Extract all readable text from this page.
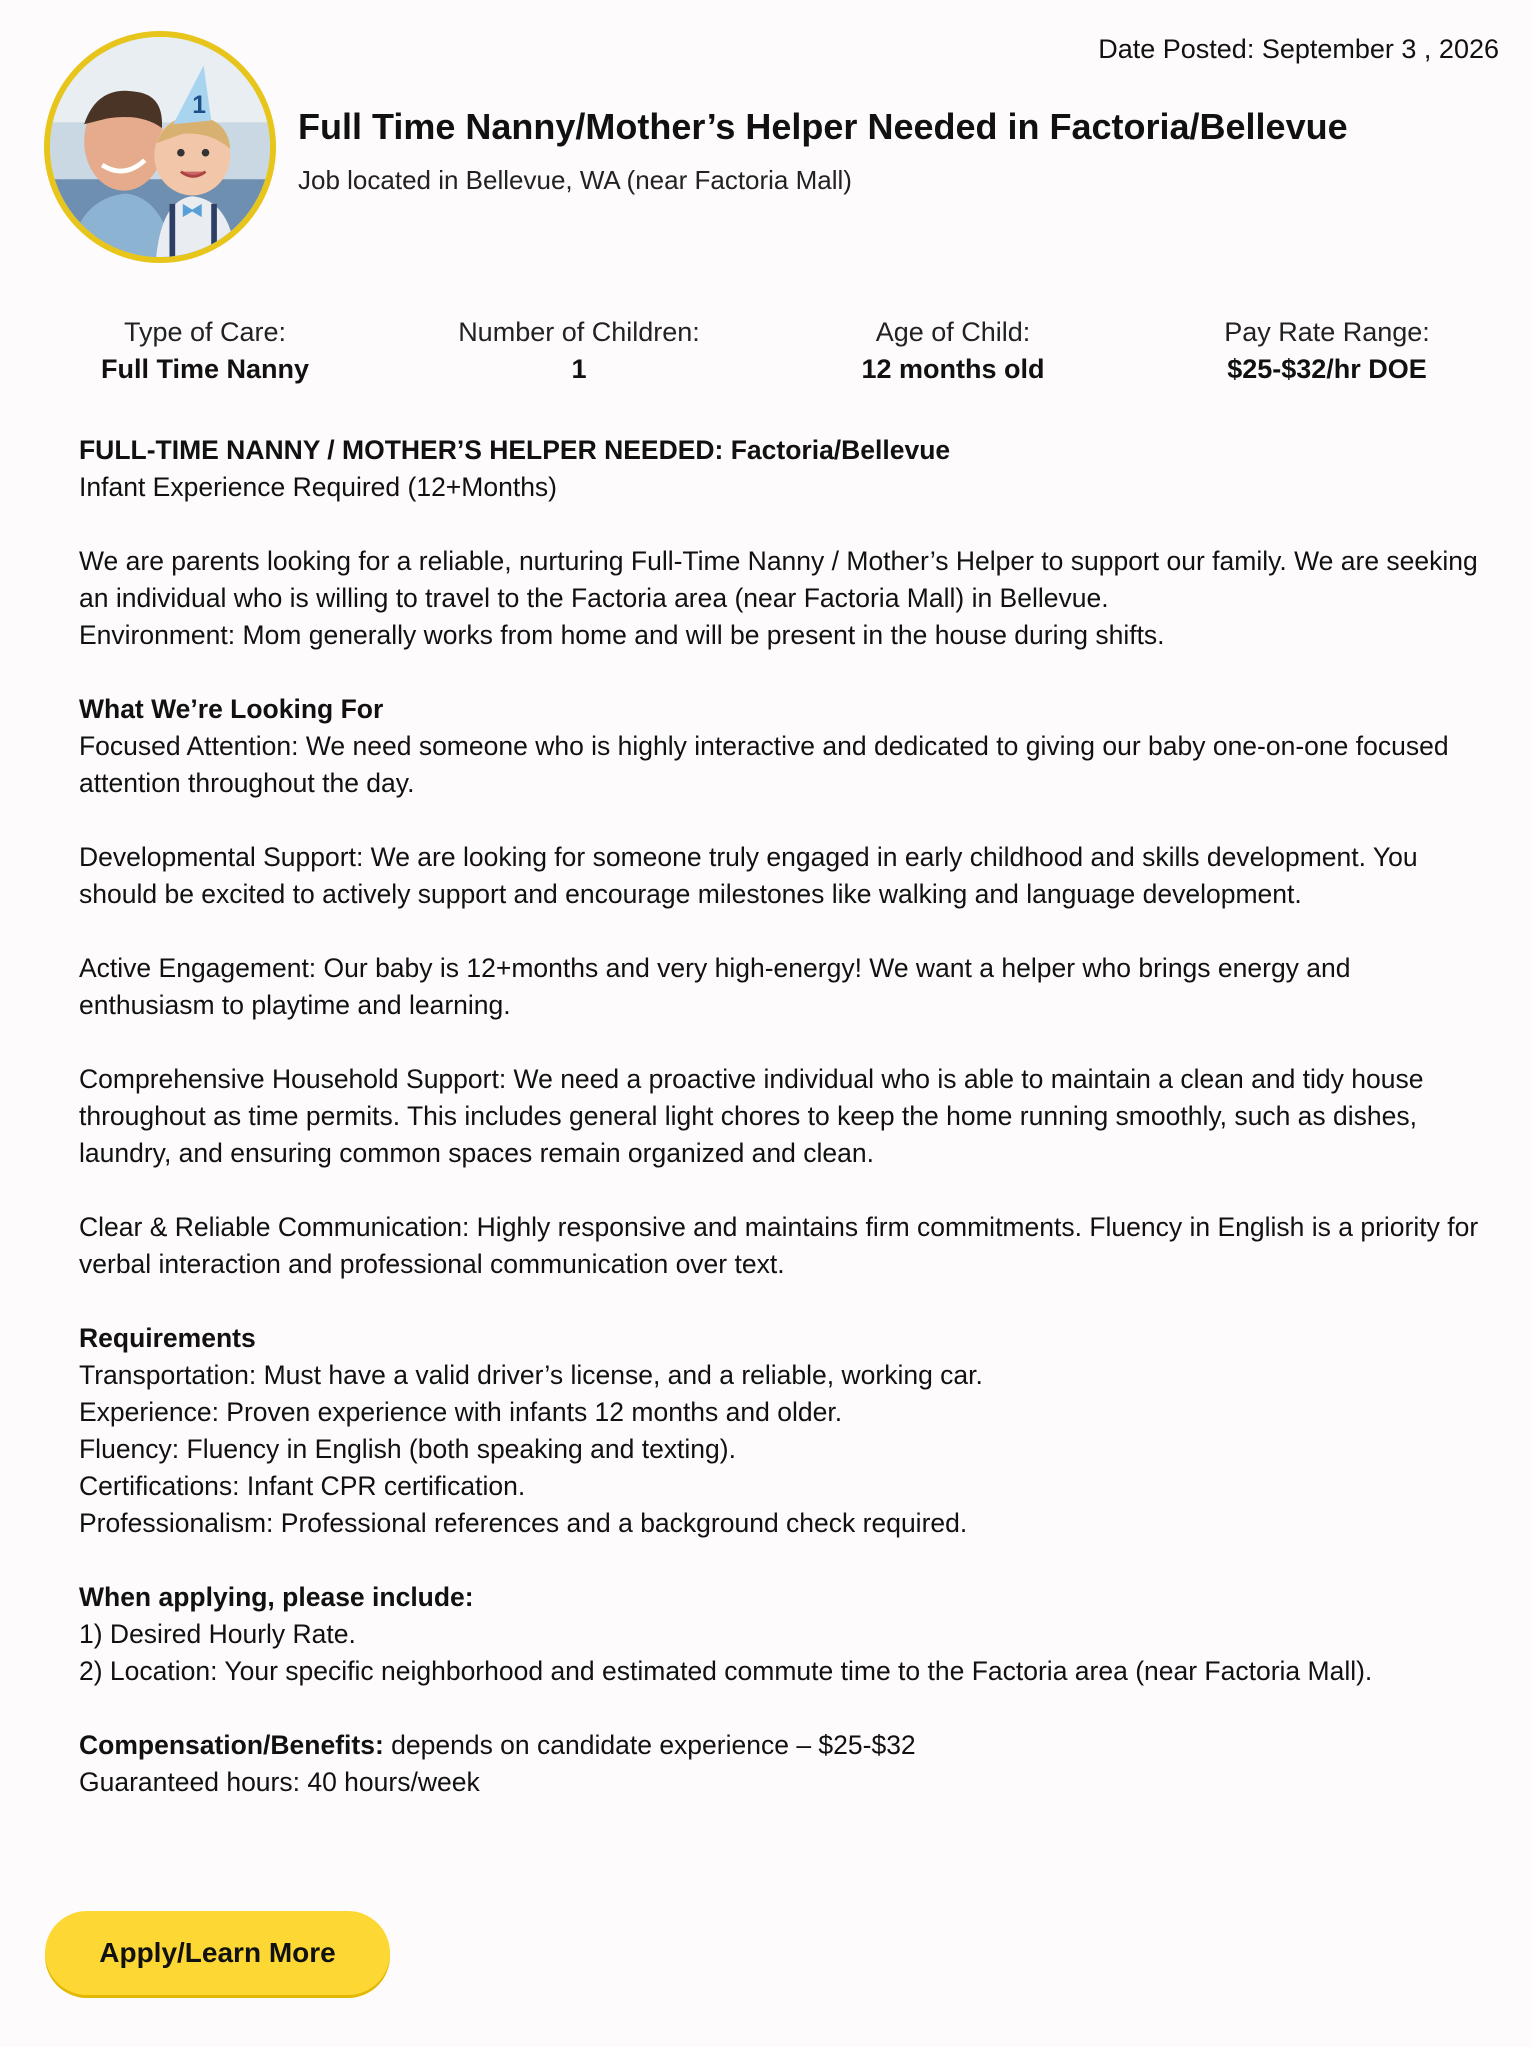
Date Posted: September 3 , 2026
1
Full Time Nanny/Mother’s Helper Needed in Factoria/Bellevue
Job located in Bellevue, WA (near Factoria Mall)
Type of Care:
Full Time Nanny
Number of Children:
1
Age of Child:
12 months old
Pay Rate Range:
$25-$32/hr DOE

FULL-TIME NANNY / MOTHER’S HELPER NEEDED: Factoria/Bellevue
Infant Experience Required (12+Months)

We are parents looking for a reliable, nurturing Full-Time Nanny / Mother’s Helper to support our family. We are seeking an individual who is willing to travel to the Factoria area (near Factoria Mall) in Bellevue.
Environment: Mom generally works from home and will be present in the house during shifts.

What We’re Looking For
Focused Attention: We need someone who is highly interactive and dedicated to giving our baby one-on-one focused attention throughout the day.

Developmental Support: We are looking for someone truly engaged in early childhood and skills development. You should be excited to actively support and encourage milestones like walking and language development.

Active Engagement: Our baby is 12+months and very high-energy! We want a helper who brings energy and enthusiasm to playtime and learning.

Comprehensive Household Support: We need a proactive individual who is able to maintain a clean and tidy house throughout as time permits. This includes general light chores to keep the home running smoothly, such as dishes, laundry, and ensuring common spaces remain organized and clean.

Clear & Reliable Communication: Highly responsive and maintains firm commitments. Fluency in English is a priority for verbal interaction and professional communication over text.

Requirements
Transportation: Must have a valid driver’s license, and a reliable, working car.
Experience: Proven experience with infants 12 months and older.
Fluency: Fluency in English (both speaking and texting).
Certifications: Infant CPR certification.
Professionalism: Professional references and a background check required.

When applying, please include:
1) Desired Hourly Rate.
2) Location: Your specific neighborhood and estimated commute time to the Factoria area (near Factoria Mall).

Compensation/Benefits: depends on candidate experience – $25-$32
Guaranteed hours: 40 hours/week

Apply/Learn More
